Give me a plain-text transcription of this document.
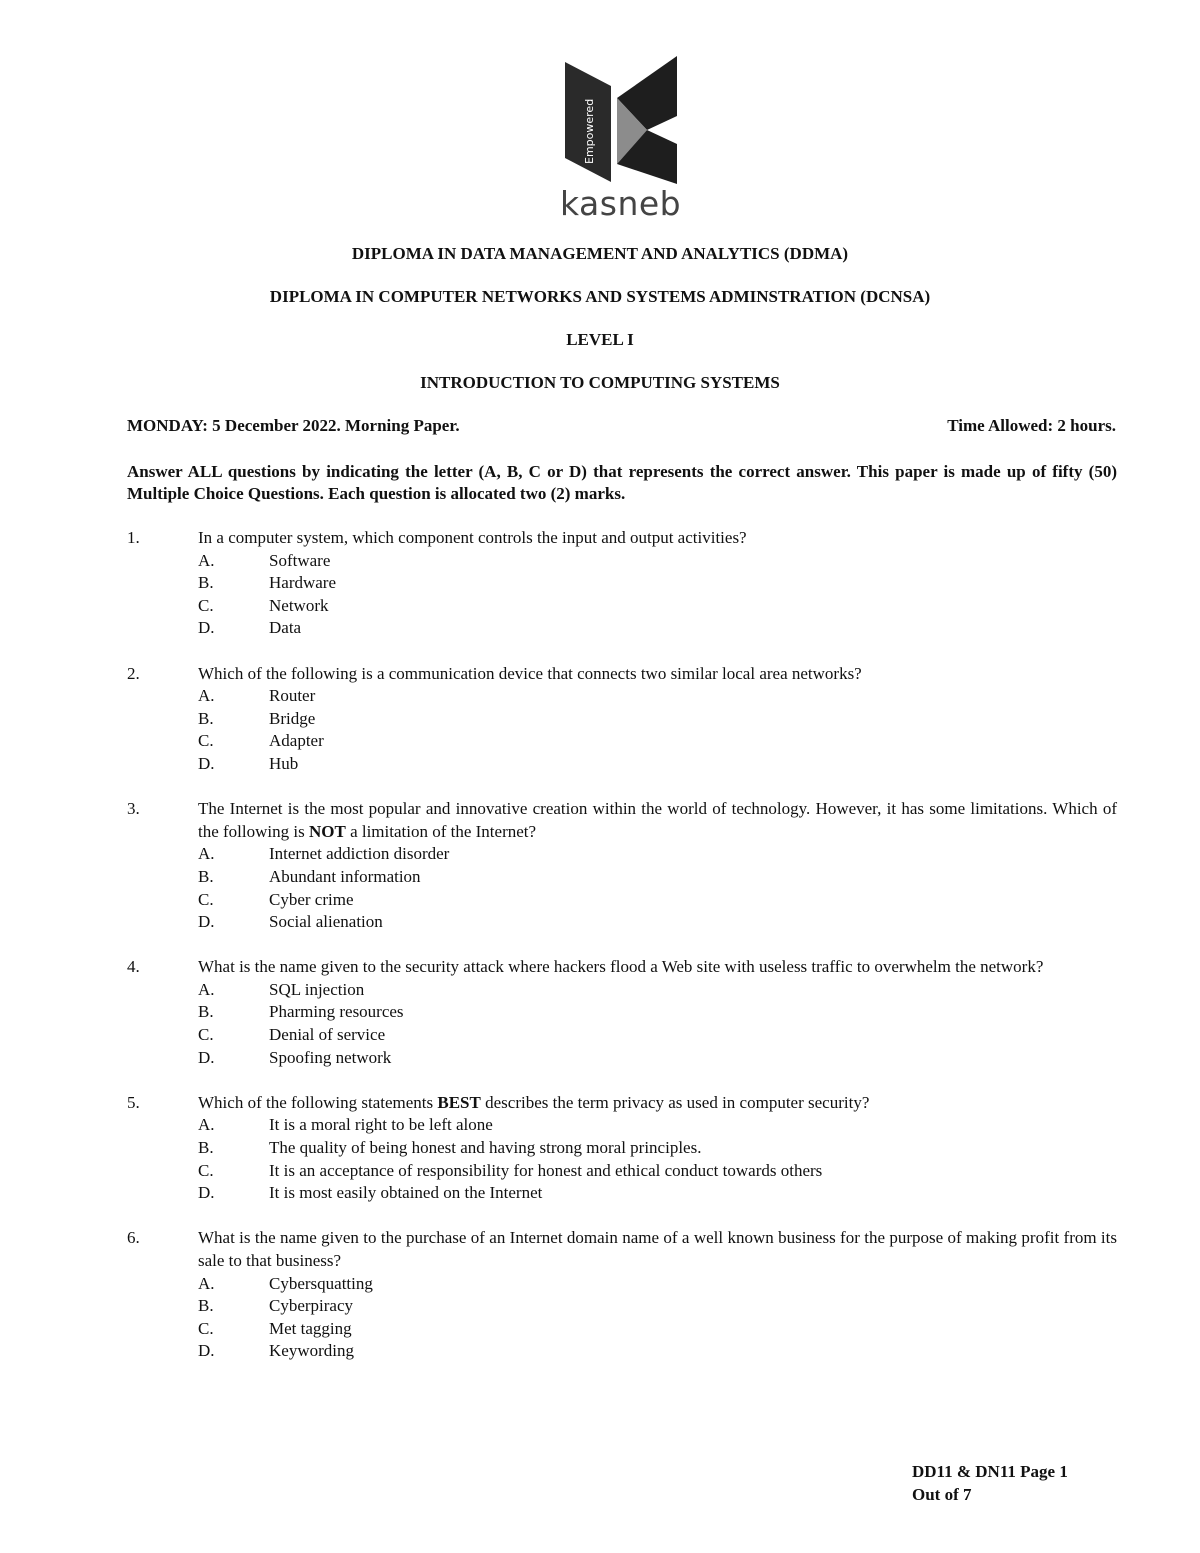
Empowered
kasneb
DIPLOMA IN DATA MANAGEMENT AND ANALYTICS (DDMA)
DIPLOMA IN COMPUTER NETWORKS AND SYSTEMS ADMINSTRATION (DCNSA)
LEVEL I
INTRODUCTION TO COMPUTING SYSTEMS
MONDAY: 5 December 2022. Morning Paper.	Time Allowed: 2 hours.
Answer ALL questions by indicating the letter (A, B, C or D) that represents the correct answer. This paper is made up of fifty (50) Multiple Choice Questions. Each question is allocated two (2) marks.
1.	In a computer system, which component controls the input and output activities?
A.	Software
B.	Hardware
C.	Network
D.	Data
2.	Which of the following is a communication device that connects two similar local area networks?
A.	Router
B.	Bridge
C.	Adapter
D.	Hub
3.	The Internet is the most popular and innovative creation within the world of technology. However, it has some limitations. Which of the following is NOT a limitation of the Internet?
A.	Internet addiction disorder
B.	Abundant information
C.	Cyber crime
D.	Social alienation
4.	What is the name given to the security attack where hackers flood a Web site with useless traffic to overwhelm the network?
A.	SQL injection
B.	Pharming resources
C.	Denial of service
D.	Spoofing network
5.	Which of the following statements BEST describes the term privacy as used in computer security?
A.	It is a moral right to be left alone
B.	The quality of being honest and having strong moral principles.
C.	It is an acceptance of responsibility for honest and ethical conduct towards others
D.	It is most easily obtained on the Internet
6.	What is the name given to the purchase of an Internet domain name of a well known business for the purpose of making profit from its sale to that business?
A.	Cybersquatting
B.	Cyberpiracy
C.	Met tagging
D.	Keywording
DD11 & DN11 Page 1
Out of 7
